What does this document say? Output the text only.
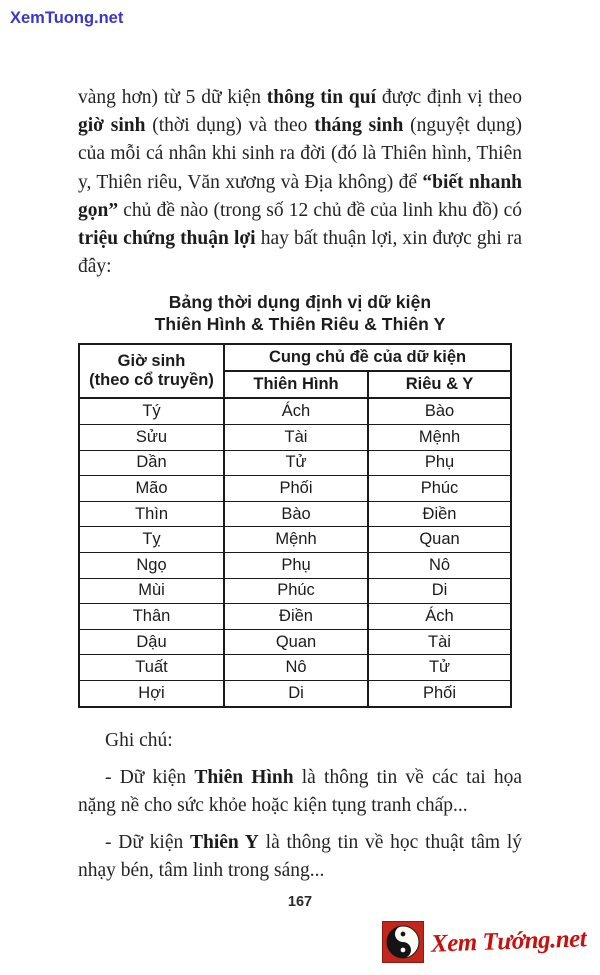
XemTuong.net

vàng hơn) từ 5 dữ kiện thông tin quí được định vị theo giờ sinh (thời dụng) và theo tháng sinh (nguyệt dụng) của mỗi cá nhân khi sinh ra đời (đó là Thiên hình, Thiên y, Thiên riêu, Văn xương và Địa không) để “biết nhanh gọn” chủ đề nào (trong số 12 chủ đề của linh khu đồ) có triệu chứng thuận lợi hay bất thuận lợi, xin được ghi ra đây:

Bảng thời dụng định vị dữ kiện
Thiên Hình & Thiên Riêu & Thiên Y
Giờ sinh
(theo cổ truyền)	Cung chủ đề của dữ kiện	
	Thiên Hình	Riêu & Y
Tý	Ách	Bào
Sửu	Tài	Mệnh
Dần	Tử	Phụ
Mão	Phối	Phúc
Thìn	Bào	Điền
Tỵ	Mệnh	Quan
Ngọ	Phụ	Nô
Mùi	Phúc	Di
Thân	Điền	Ách
Dậu	Quan	Tài
Tuất	Nô	Tử
Hợi	Di	Phối

Ghi chú:

- Dữ kiện Thiên Hình là thông tin về các tai họa nặng nề cho sức khỏe hoặc kiện tụng tranh chấp...

- Dữ kiện Thiên Y là thông tin về học thuật tâm lý nhạy bén, tâm linh trong sáng...

167
Xem Tướng.net
